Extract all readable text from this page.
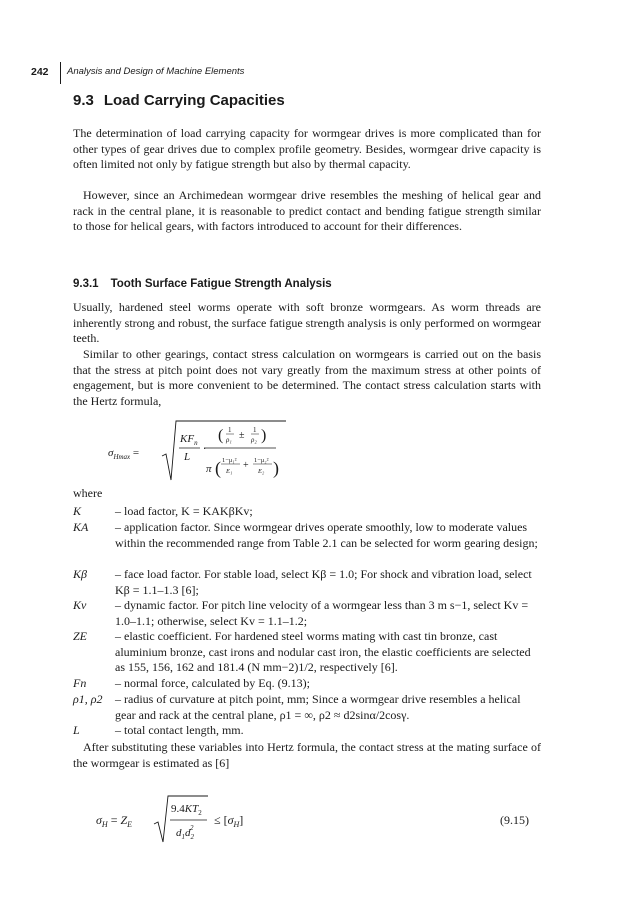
242 Analysis and Design of Machine Elements
9.3 Load Carrying Capacities

The determination of load carrying capacity for wormgear drives is more complicated than for other types of gear drives due to complex profile geometry. Besides, wormgear drive capacity is often limited not only by fatigue strength but also by thermal capacity.

However, since an Archimedean wormgear drive resembles the meshing of helical gear and rack in the central plane, it is reasonable to predict contact and bending fatigue strength similar to those for helical gears, with factors introduced to account for their differences.

9.3.1 Tooth Surface Fatigue Strength Analysis

Usually, hardened steel worms operate with soft bronze wormgears. As worm threads are inherently strong and robust, the surface fatigue strength analysis is only performed on wormgear teeth.

Similar to other gearings, contact stress calculation on wormgears is carried out on the basis that the stress at pitch point does not vary greatly from the maximum stress at other points of engagement, but is more convenient to be determined. The contact stress calculation starts with the Hertz formula,

$\sigma_{Hmax}$ =
$KF_n$
L
·
( 1
ρ₁ ± 1
ρ₂ )
π ( 1−μ₁²
E₁
+ 1−μ₂²
E₂ )
where
K	– load factor, K = KAKβKv;
KA – application factor. Since wormgear drives operate smoothly, low to moderate values within the recommended range from Table 2.1 can be selected for worm gearing design;
Kβ – face load factor. For stable load, select Kβ = 1.0; For shock and vibration load, select Kβ = 1.1–1.3 [6];
Kv – dynamic factor. For pitch line velocity of a wormgear less than 3 m s−1, select Kv = 1.0–1.1; otherwise, select Kv = 1.1–1.2;
ZE – elastic coefficient. For hardened steel worms mating with cast tin bronze, cast aluminium bronze, cast irons and nodular cast iron, the elastic coefficients are selected as 155, 156, 162 and 181.4 (N mm−2)1/2, respectively [6].
Fn – normal force, calculated by Eq. (9.13);
ρ1, ρ2 – radius of curvature at pitch point, mm; Since a wormgear drive resembles a helical gear and rack at the central plane, ρ1 = ∞, ρ2 ≈ d2sinα/2cosγ.
L	– total contact length, mm.

After substituting these variables into Hertz formula, the contact stress at the mating surface of the wormgear is estimated as [6]

$\sigma_H = Z_E$
$9.4KT_2$
$d_1d_22$
≤ $[\sigma_H]$	(9.15)
